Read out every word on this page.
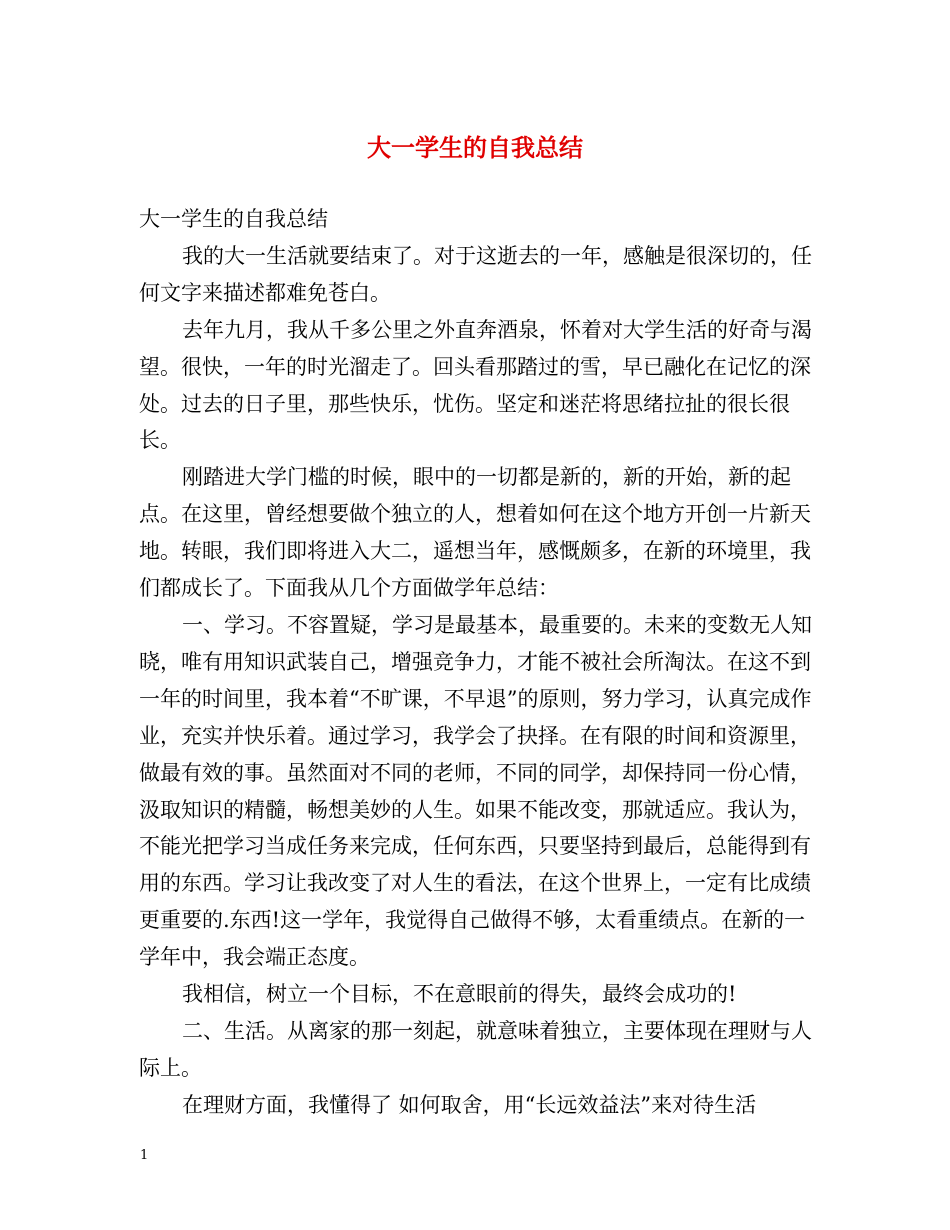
大一学生的自我总结

大一学生的自我总结

我的大一生活就要结束了。对于这逝去的一年，感触是很深切的，任何文字来描述都难免苍白。

去年九月，我从千多公里之外直奔酒泉，怀着对大学生活的好奇与渴望。很快，一年的时光溜走了。回头看那踏过的雪，早已融化在记忆的深处。过去的日子里，那些快乐，忧伤。坚定和迷茫将思绪拉扯的很长很长。

刚踏进大学门槛的时候，眼中的一切都是新的，新的开始，新的起点。在这里，曾经想要做个独立的人，想着如何在这个地方开创一片新天地。转眼，我们即将进入大二，遥想当年，感慨颇多，在新的环境里，我们都成长了。下面我从几个方面做学年总结：

一、学习。不容置疑，学习是最基本，最重要的。未来的变数无人知晓，唯有用知识武装自己，增强竞争力，才能不被社会所淘汰。在这不到一年的时间里，我本着“不旷课，不早退”的原则，努力学习，认真完成作业，充实并快乐着。通过学习，我学会了抉择。在有限的时间和资源里，做最有效的事。虽然面对不同的老师，不同的同学，却保持同一份心情，汲取知识的精髓，畅想美妙的人生。如果不能改变，那就适应。我认为，不能光把学习当成任务来完成，任何东西，只要坚持到最后，总能得到有用的东西。学习让我改变了对人生的看法，在这个世界上，一定有比成绩更重要的.东西!这一学年，我觉得自己做得不够，太看重绩点。在新的一学年中，我会端正态度。

我相信，树立一个目标，不在意眼前的得失，最终会成功的!

二、生活。从离家的那一刻起，就意味着独立，主要体现在理财与人际上。

在理财方面，我懂得了 如何取舍，用“长远效益法”来对待生活

1
